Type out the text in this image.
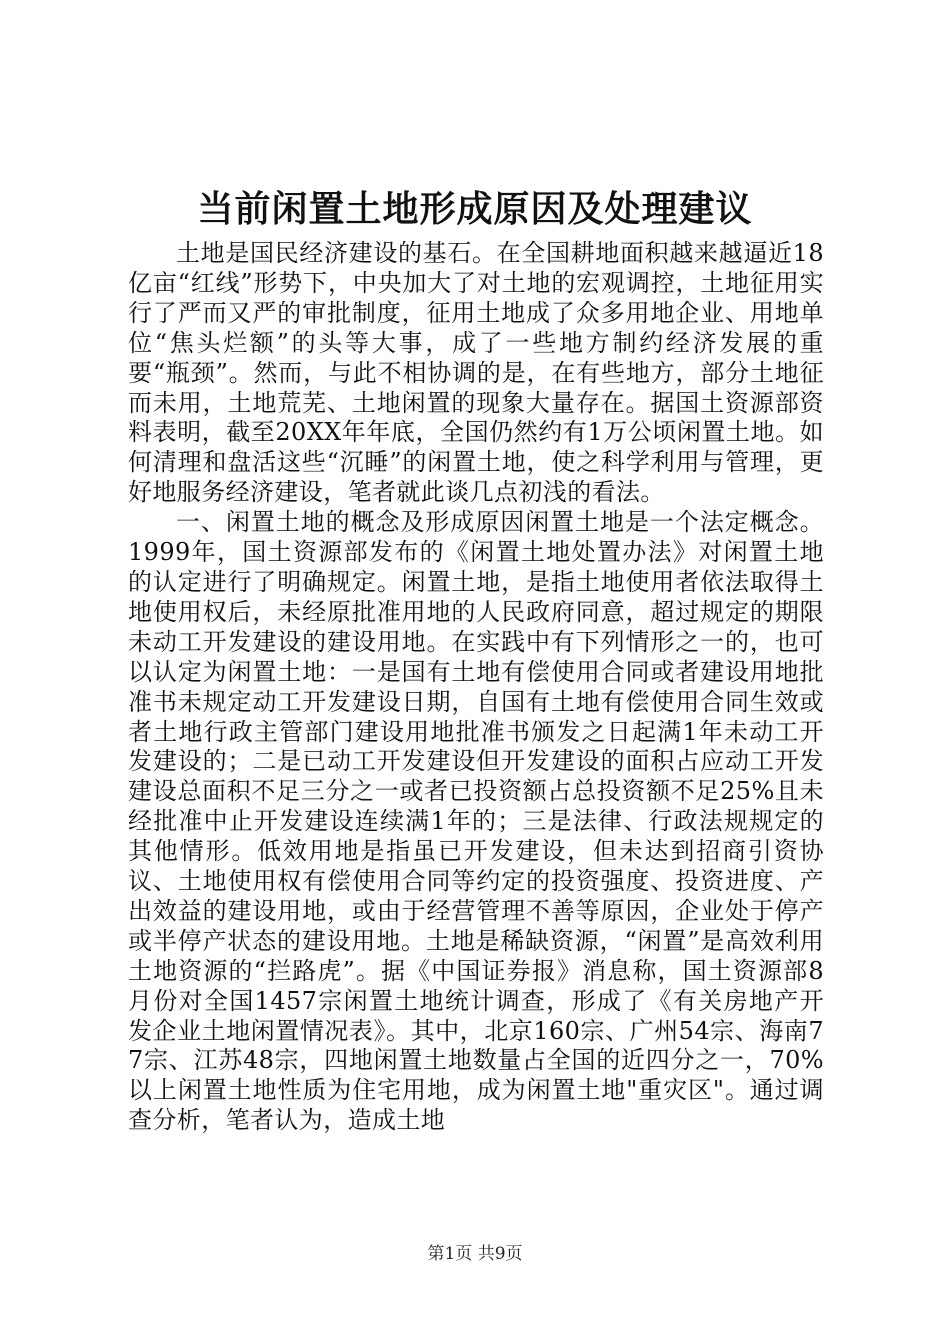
当前闲置土地形成原因及处理建议

土地是国民经济建设的基石。在全国耕地面积越来越逼近18亿亩“红线”形势下，中央加大了对土地的宏观调控，土地征用实行了严而又严的审批制度，征用土地成了众多用地企业、用地单位“焦头烂额”的头等大事，成了一些地方制约经济发展的重要“瓶颈”。然而，与此不相协调的是，在有些地方，部分土地征而未用，土地荒芜、土地闲置的现象大量存在。据国土资源部资料表明，截至20XX年年底，全国仍然约有1万公顷闲置土地。如何清理和盘活这些“沉睡”的闲置土地，使之科学利用与管理，更好地服务经济建设，笔者就此谈几点初浅的看法。

一、闲置土地的概念及形成原因闲置土地是一个法定概念。1999年，国土资源部发布的《闲置土地处置办法》对闲置土地的认定进行了明确规定。闲置土地，是指土地使用者依法取得土地使用权后，未经原批准用地的人民政府同意，超过规定的期限未动工开发建设的建设用地。在实践中有下列情形之一的，也可以认定为闲置土地：一是国有土地有偿使用合同或者建设用地批准书未规定动工开发建设日期，自国有土地有偿使用合同生效或者土地行政主管部门建设用地批准书颁发之日起满1年未动工开发建设的；二是已动工开发建设但开发建设的面积占应动工开发建设总面积不足三分之一或者已投资额占总投资额不足25%且未经批准中止开发建设连续满1年的；三是法律、行政法规规定的其他情形。低效用地是指虽已开发建设，但未达到招商引资协议、土地使用权有偿使用合同等约定的投资强度、投资进度、产出效益的建设用地，或由于经营管理不善等原因，企业处于停产或半停产状态的建设用地。土地是稀缺资源，“闲置”是高效利用土地资源的“拦路虎”。据《中国证券报》消息称，国土资源部8月份对全国1457宗闲置土地统计调查，形成了《有关房地产开发企业土地闲置情况表》。其中，北京160宗、广州54宗、海南77宗、江苏48宗，四地闲置土地数量占全国的近四分之一，70%以上闲置土地性质为住宅用地，成为闲置土地"重灾区"。通过调查分析，笔者认为，造成土地

第1页 共9页
